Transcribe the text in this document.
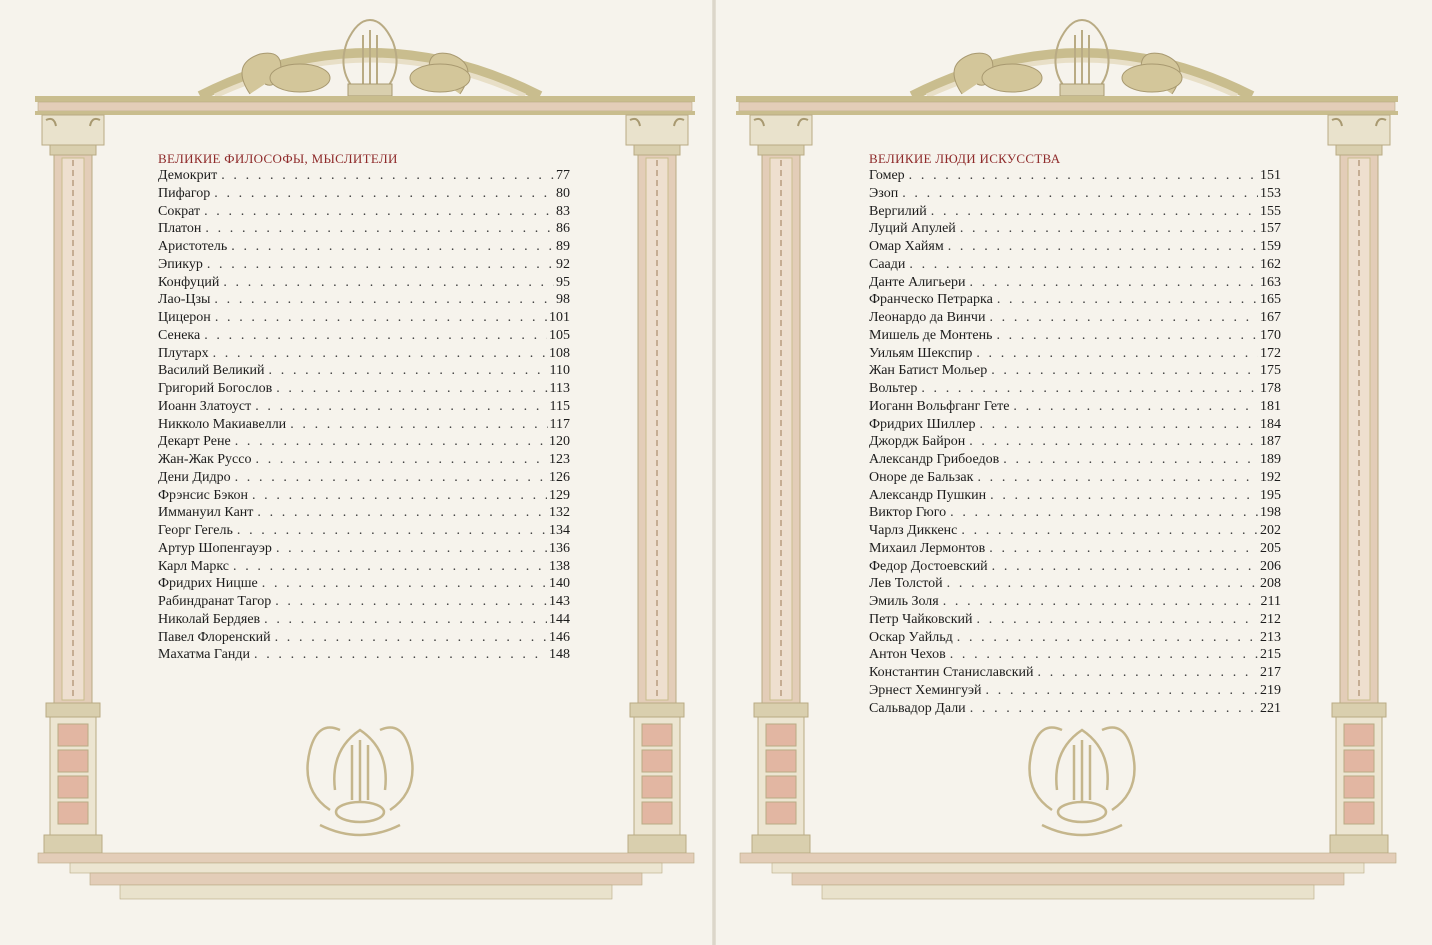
ВЕЛИКИЕ ФИЛОСОФЫ, МЫСЛИТЕЛИ
Демокрит . . .	77
Пифагор . . .	80
Сократ . . .	83
Платон . . .	86
Аристотель . . .	89
Эпикур . . .	92
Конфуций . . .	95
Лао-Цзы . . .	98
Цицерон . . .	101
Сенека . . .	105
Плутарх . . .	108
Василий Великий . . .	110
Григорий Богослов . . .	113
Иоанн Златоуст . . .	115
Никколо Макиавелли . . .	117
Декарт Рене . . .	120
Жан-Жак Руссо . . .	123
Дени Дидро . . .	126
Фрэнсис Бэкон . . .	129
Иммануил Кант . . .	132
Георг Гегель . . .	134
Артур Шопенгауэр . . .	136
Карл Маркс . . .	138
Фридрих Ницше . . .	140
Рабиндранат Тагор . . .	143
Николай Бердяев . . .	144
Павел Флоренский . . .	146
Махатма Ганди . . .	148
ВЕЛИКИЕ ЛЮДИ ИСКУССТВА
Гомер . . .	151
Эзоп . . .	153
Вергилий . . .	155
Луций Апулей . . .	157
Омар Хайям . . .	159
Саади . . .	162
Данте Алигьери . . .	163
Франческо Петрарка . . .	165
Леонардо да Винчи . . .	167
Мишель де Монтень . . .	170
Уильям Шекспир . . .	172
Жан Батист Мольер . . .	175
Вольтер . . .	178
Иоганн Вольфганг Гете . . .	181
Фридрих Шиллер . . .	184
Джордж Байрон . . .	187
Александр Грибоедов . . .	189
Оноре де Бальзак . . .	192
Александр Пушкин . . .	195
Виктор Гюго . . .	198
Чарлз Диккенс . . .	202
Михаил Лермонтов . . .	205
Федор Достоевский . . .	206
Лев Толстой . . .	208
Эмиль Золя . . .	211
Петр Чайковский . . .	212
Оскар Уайльд . . .	213
Антон Чехов . . .	215
Константин Станиславский . . .	217
Эрнест Хемингуэй . . .	219
Сальвадор Дали . . .	221
